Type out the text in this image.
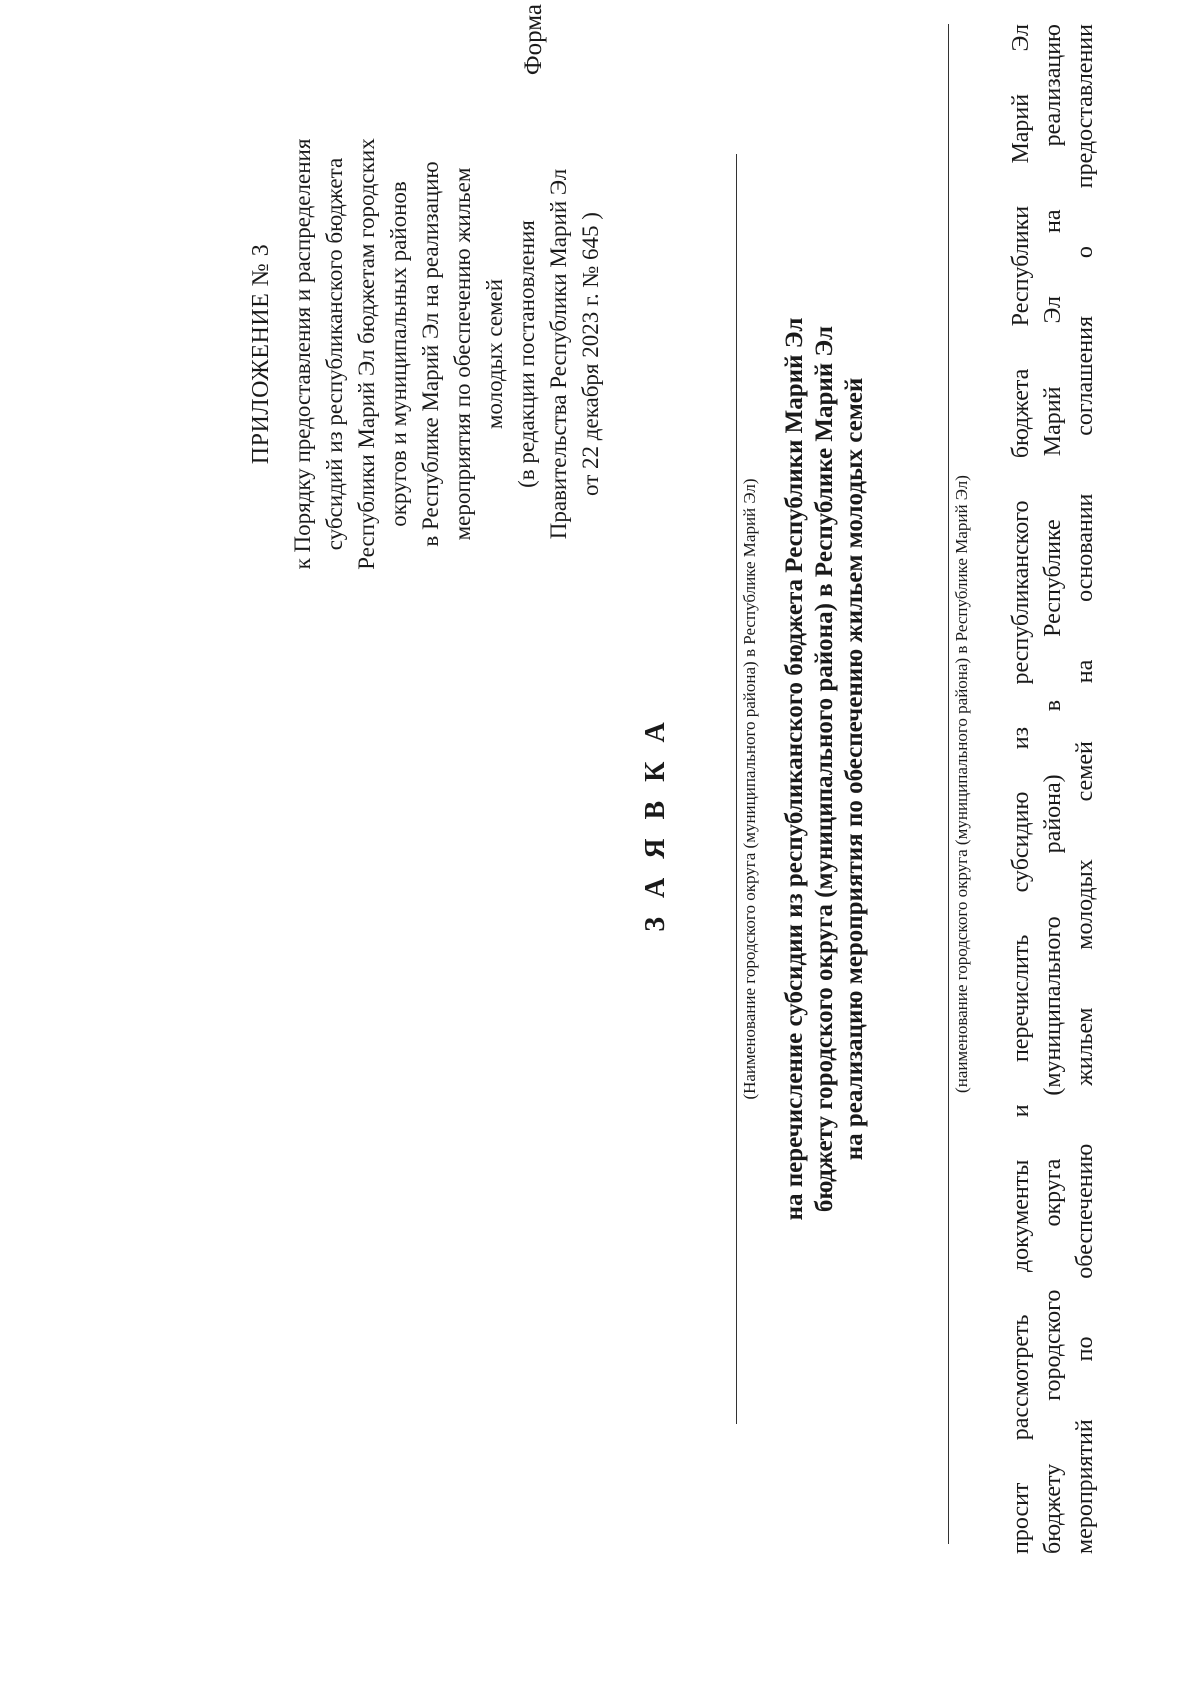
ПРИЛОЖЕНИЕ № 3 к Порядку предоставления и распределения субсидий из республиканского бюджета Республики Марий Эл бюджетам городских округов и муниципальных районов в Республике Марий Эл на реализацию мероприятия по обеспечению жильем молодых семей (в редакции постановления Правительства Республики Марий Эл от 22 декабря 2023 г. № 645 )
Форма
З А Я В К А	(Наименование городского округа (муниципального района) в Республике Марий Эл) на перечисление субсидии из республиканского бюджета Республики Марий Эл бюджету городского округа (муниципального района) в Республике Марий Эл на реализацию мероприятия по обеспечению жильем молодых семей	(наименование городского округа (муниципального района) в Республике Марий Эл) просит рассмотреть документы и перечислить субсидию из республиканского бюджета Республики Марий Эл бюджету городского округа (муниципального района) в Республике Марий Эл на реализацию мероприятий по обеспечению жильем молодых семей на основании соглашения о предоставлении
